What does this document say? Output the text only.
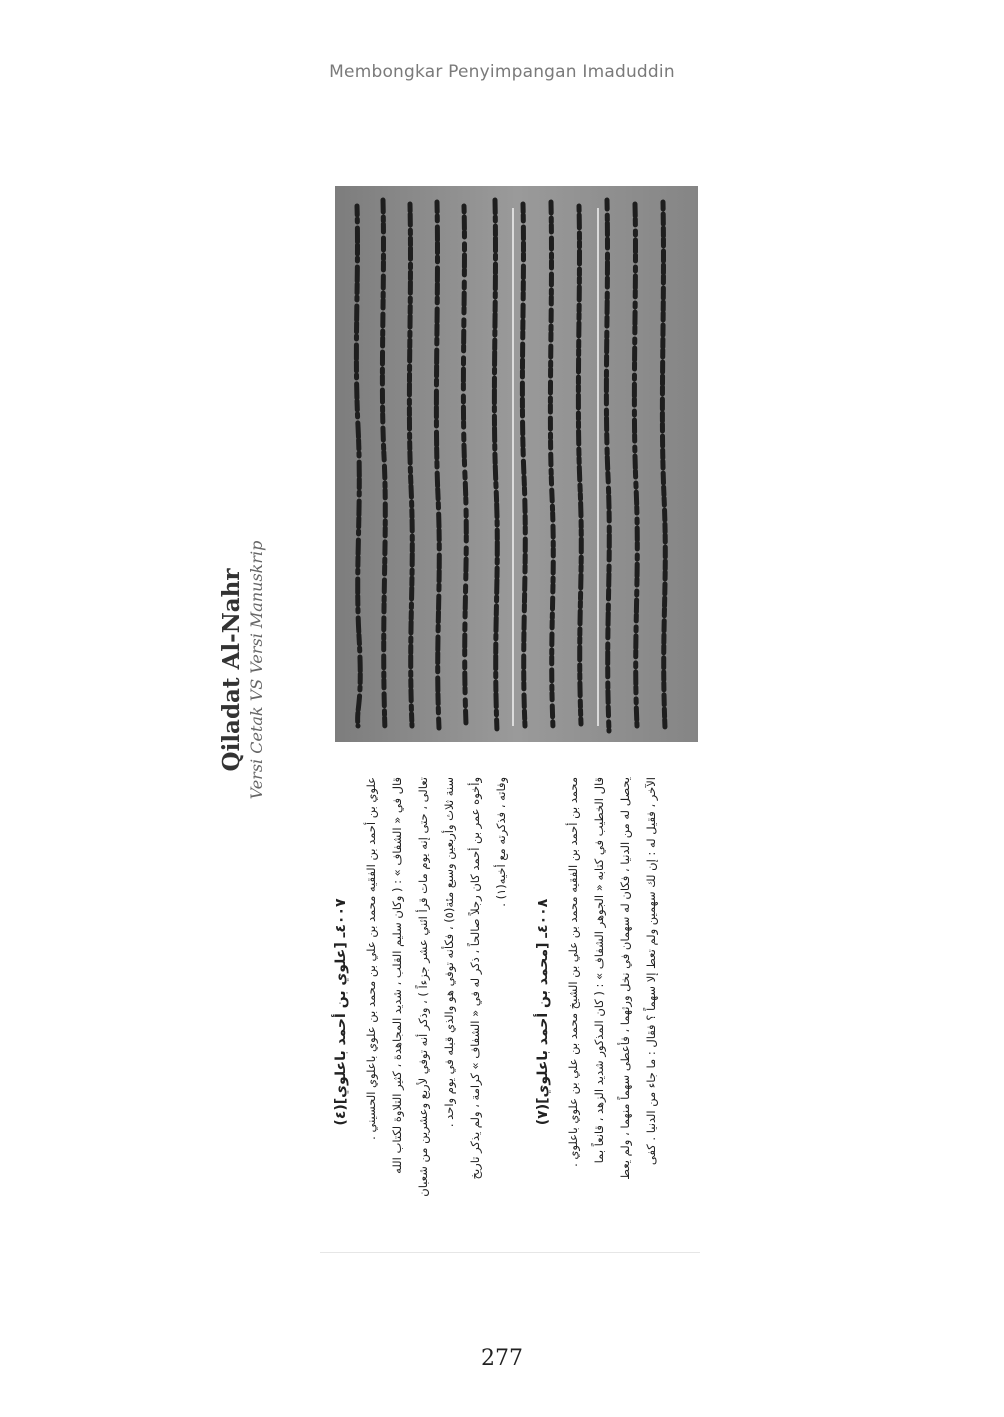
Membongkar Penyimpangan Imaduddin
Qiladat Al-Nahr Versi Cetak VS Versi Manuskrip
٤٠٠٧ـ [علوي بن أحمد باعلوي](٤)	علوي بن أحمد بن الفقيه محمد بن علي بن محمد بن علوي باعلوي الحسيني .	قال في « الشفاف » : ( وكان سليم القلب ، شديد المجاهدة ، كثير التلاوة لكتاب الله	تعالى ، حتى إنه يوم مات قرأ اثني عشر جزءاً ) ، وذكر أنه توفي لأربع وعشرين من شعبان	سنة ثلاث وأربعين وسبع مئة(٥) ، فكأنه توفي هو والذي قبله في يوم واحد .	وأخوه عمر بن أحمد كان رجلاً صالحاً ، ذكر له في « الشفاف » كرامة ، ولم يذكر تاريخ	وفاته ، فذكرته مع أخيه(١) .
٤٠٠٨ـ [محمد بن أحمد باعلوي](٧)	محمد بن أحمد بن الفقيه محمد بن علي بن الشيخ محمد بن علي بن علوي باعلوي .	قال الخطيب في كتابه « الجوهر الشفاف » : ( كان المذكور شديد الزهد ، قانعاً بما	يحصل له من الدنيا ، فكان له سهمان في نخل ورثهما ، فأعطى سهماً منهما ، ولم يعط	الآخر ، فقيل له : إن لك سهمين ولم تعط إلا سهماً ؟ فقال : ما جاء من الدنيا . كفى
277
